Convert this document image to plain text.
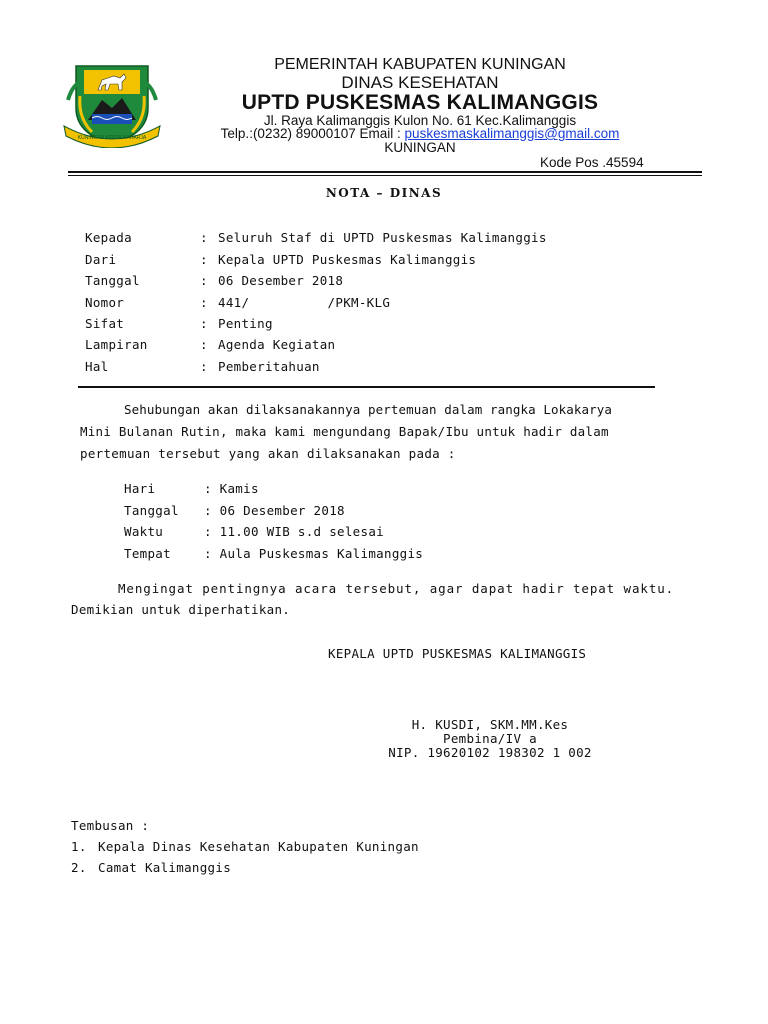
KUNINGAN KERTA RAHARJA
PEMERINTAH KABUPATEN KUNINGAN
DINAS KESEHATAN
UPTD PUSKESMAS KALIMANGGIS
Jl. Raya Kalimanggis Kulon No. 61 Kec.Kalimanggis
Telp.:(0232) 89000107 Email : puskesmaskalimanggis@gmail.com
KUNINGAN
Kode Pos .45594
NOTA – DINAS
Kepada	: Seluruh Staf di UPTD Puskesmas Kalimanggis
Dari	: Kepala UPTD Puskesmas Kalimanggis
Tanggal	: 06 Desember 2018
Nomor	: 441/          /PKM-KLG
Sifat	: Penting
Lampiran	: Agenda Kegiatan
Hal	: Pemberitahuan
Sehubungan akan dilaksanakannya pertemuan dalam rangka Lokakarya
Mini Bulanan Rutin, maka kami mengundang Bapak/Ibu untuk hadir dalam
pertemuan tersebut yang akan dilaksanakan pada :
Hari	: Kamis
Tanggal : 06 Desember 2018
Waktu	: 11.00 WIB s.d selesai
Tempat	: Aula Puskesmas Kalimanggis
Mengingat pentingnya acara tersebut, agar dapat hadir tepat waktu.
Demikian untuk diperhatikan.
KEPALA UPTD PUSKESMAS KALIMANGGIS
H. KUSDI, SKM.MM.Kes
Pembina/IV a
NIP. 19620102 198302 1 002
Tembusan :
1. Kepala Dinas Kesehatan Kabupaten Kuningan
2. Camat Kalimanggis
